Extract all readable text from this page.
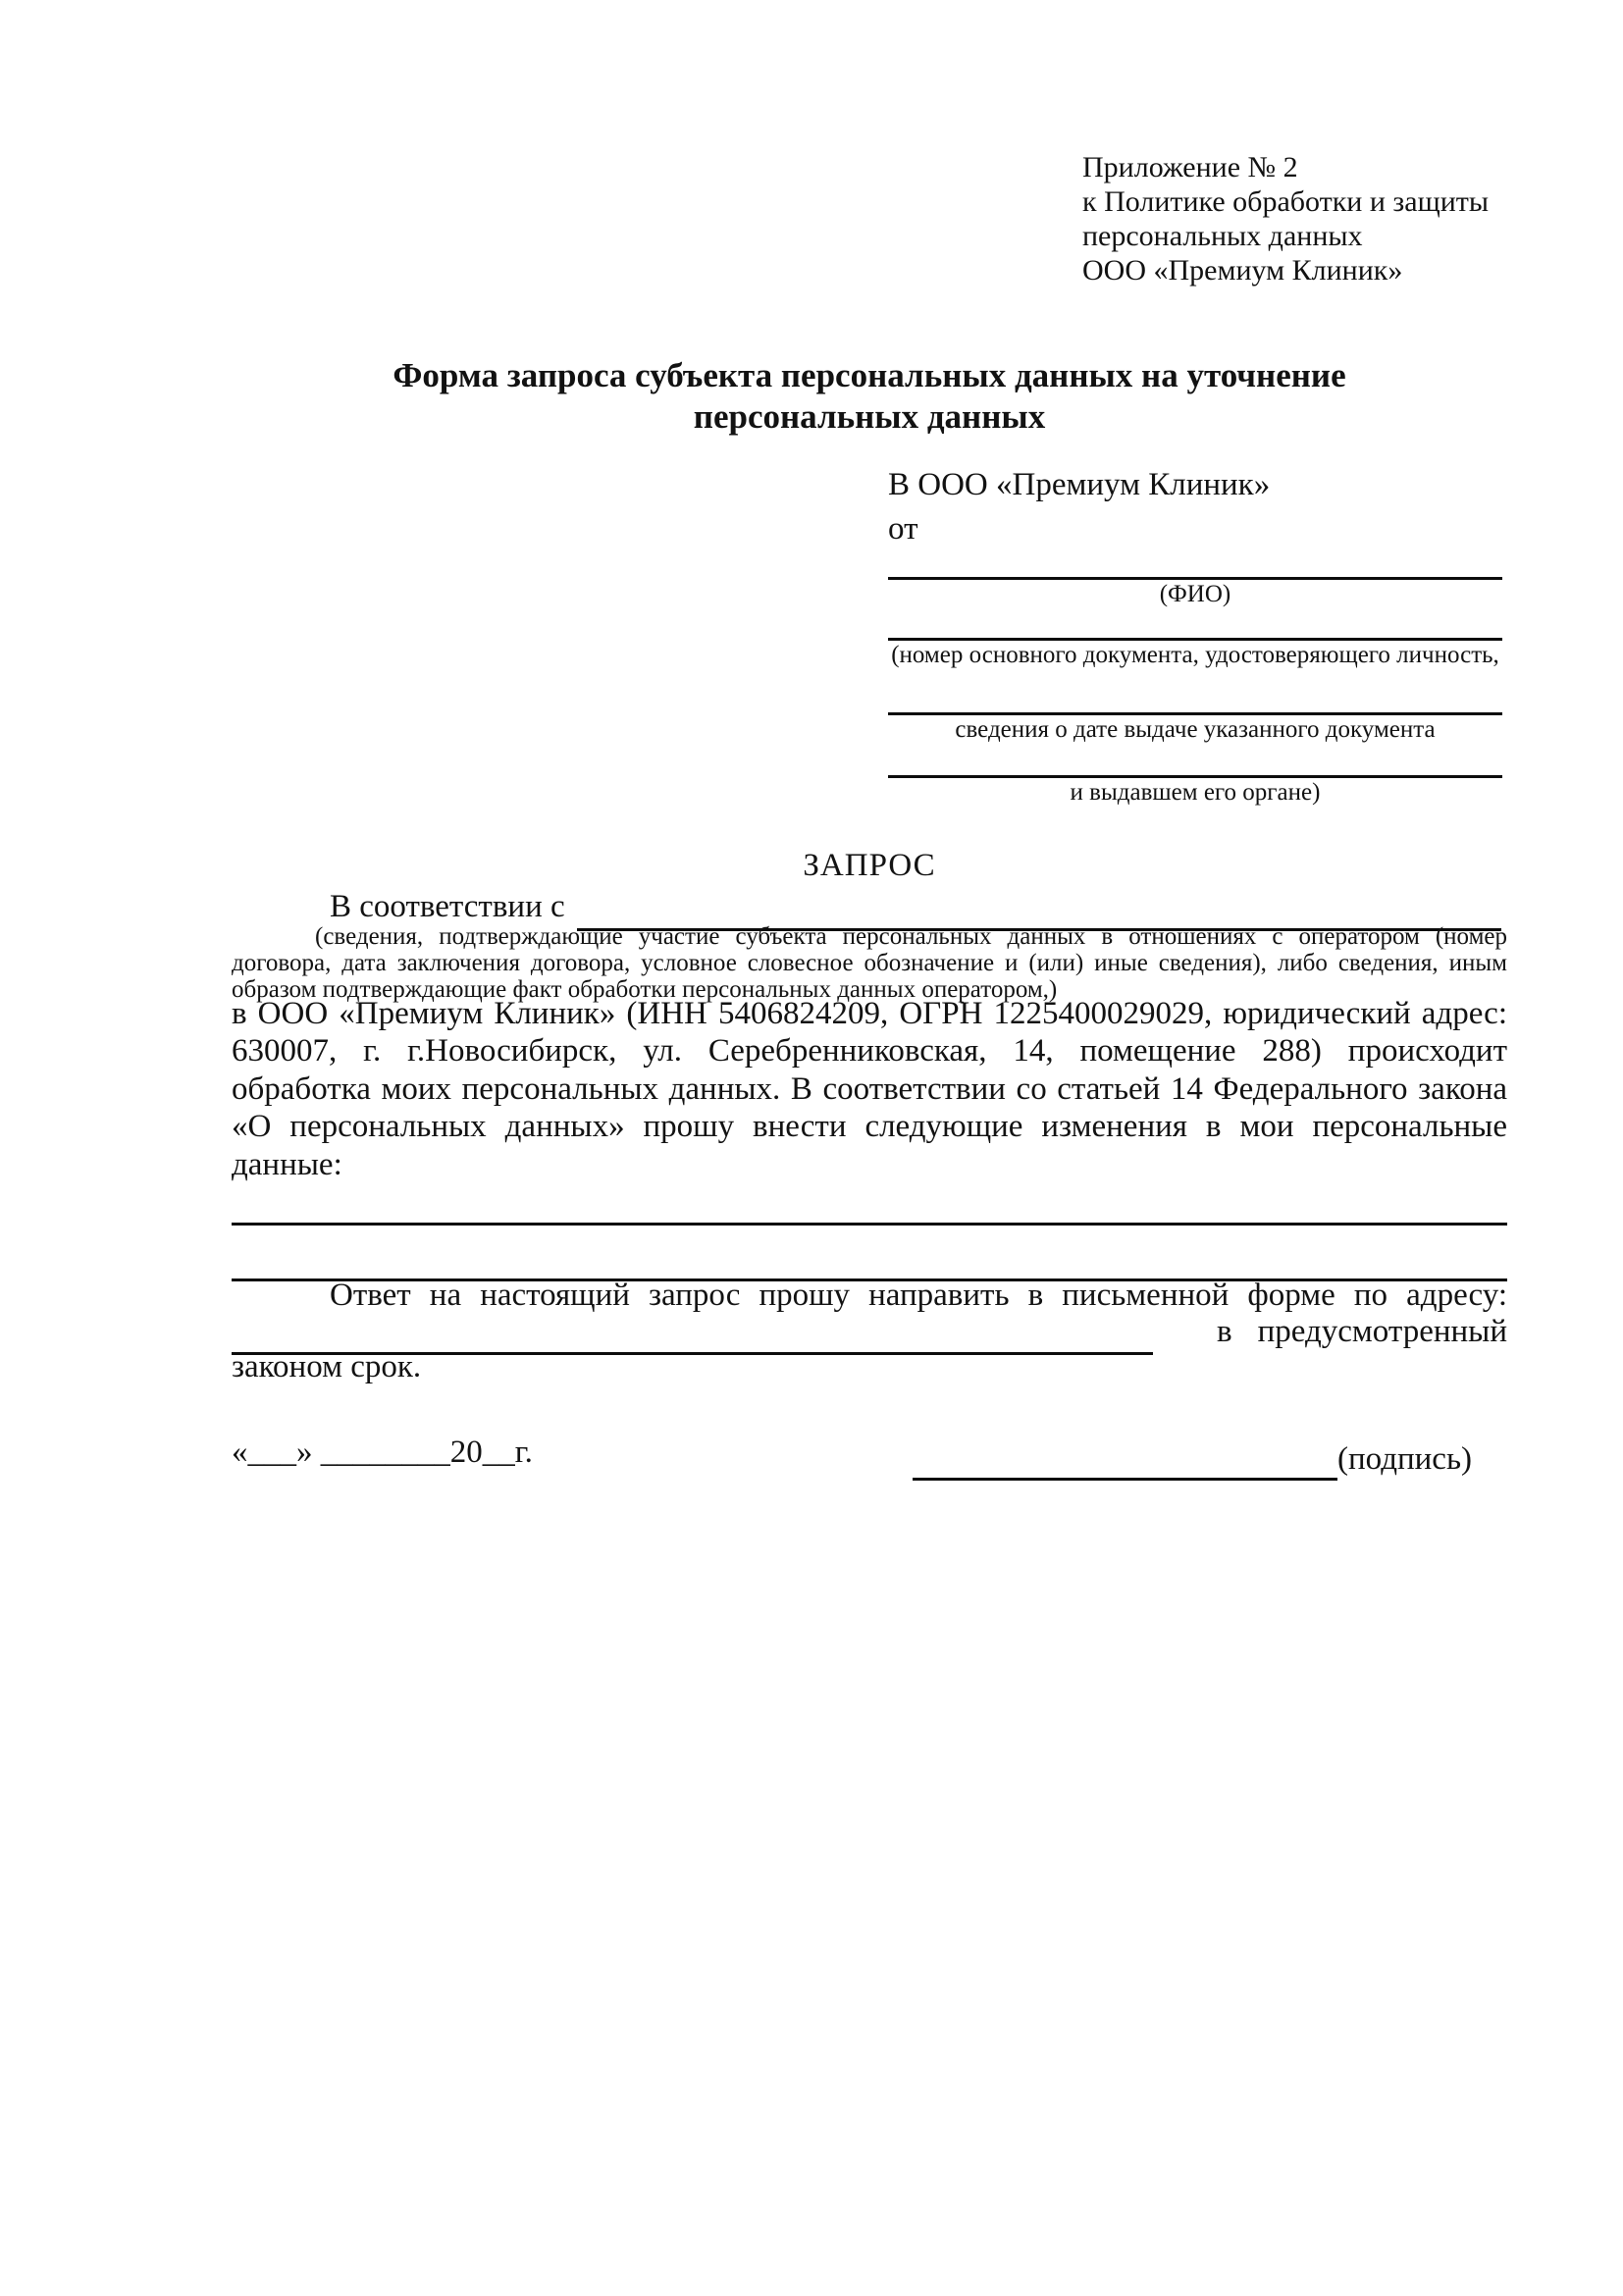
Приложение № 2
к Политике обработки и защиты
персональных данных
ООО «Премиум Клиник»
Форма запроса субъекта персональных данных на уточнение персональных данных
В ООО «Премиум Клиник»
от
(ФИО)
(номер основного документа, удостоверяющего личность,
сведения о дате выдаче указанного документа
и выдавшем его органе)
ЗАПРОС
В соответствии с

(сведения, подтверждающие участие субъекта персональных данных в отношениях с оператором (номер договора, дата заключения договора, условное словесное обозначение и (или) иные сведения), либо сведения, иным образом подтверждающие факт обработки персональных данных оператором,)

в ООО «Премиум Клиник» (ИНН 5406824209, ОГРН 1225400029029, юридический адрес: 630007, г. г.Новосибирск, ул. Серебренниковская, 14, помещение 288) происходит обработка моих персональных данных. В соответствии со статьей 14 Федерального закона «О персональных данных» прошу внести следующие изменения в мои персональные данные:

Ответ на настоящий запрос прошу направить в письменной форме по адресу:
в предусмотренный
законом срок.
«___» ________20__г.	(подпись)
